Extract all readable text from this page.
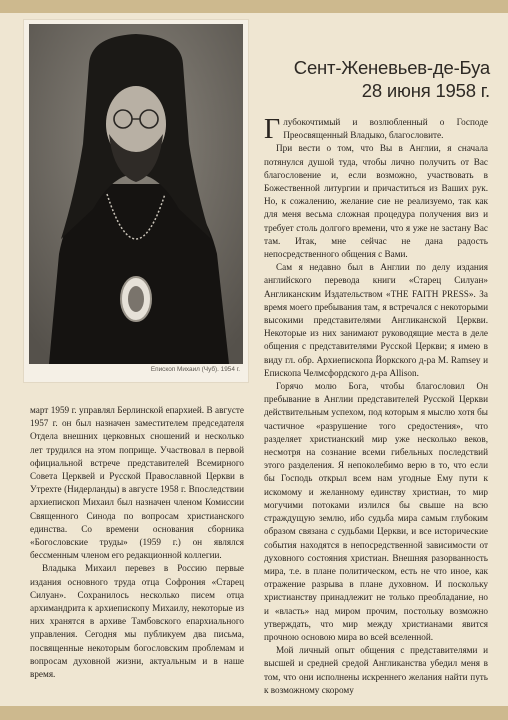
Епископ Михаил (Чуб). 1954 г.
Сент-Женевьев-де-Буа
28 июня 1958 г.

март 1959 г. управлял Берлинской епархией. В августе 1957 г. он был назначен заместителем председателя Отдела внешних церковных сношений и несколько лет трудился на этом поприще. Участвовал в первой официальной встрече представителей Всемирного Совета Церквей и Русской Православной Церкви в Утрехте (Нидерланды) в августе 1958 г. Впоследствии архиепископ Михаил был назначен членом Комиссии Священного Синода по вопросам христианского единства. Со времени основания сборника «Богословские труды» (1959 г.) он являлся бессменным членом его редакционной коллегии.

Владыка Михаил перевез в Россию первые издания основного труда отца Софрония «Старец Силуан». Сохранилось несколько писем отца архимандрита к архиепископу Михаилу, некоторые из них хранятся в архиве Тамбовского епархиального управления. Сегодня мы публикуем два письма, посвященные некоторым богословским проблемам и вопросам духовной жизни, актуальным и в наше время.

Глубокочтимый и возлюбленный о Господе Преосвященный Владыко, благословите.

При вести о том, что Вы в Англии, я сначала потянулся душой туда, чтобы лично получить от Вас благословение и, если возможно, участвовать в Божественной литургии и причаститься из Ваших рук. Но, к сожалению, желание сие не реализуемо, так как для меня весьма сложная процедура получения виз и требует столь долгого времени, что я уже не застану Вас там. Итак, мне сейчас не дана радость непосредственного общения с Вами.

Сам я недавно был в Англии по делу издания английского перевода книги «Старец Силуан» Англиканским Издательством «THE FAITH PRESS». За время моего пребывания там, я встречался с некоторыми высокими представителями Англиканской Церкви. Некоторые из них занимают руководящие места в деле общения с представителями Русской Церкви; я имею в виду гл. обр. Архиепископа Йоркского д-ра M. Ramsey и Епископа Челмсфордского д-ра Allison.

Горячо молю Бога, чтобы благословил Он пребывание в Англии представителей Русской Церкви действительным успехом, под которым я мыслю хотя бы частичное «разрушение того средостения», что разделяет христианский мир уже несколько веков, несмотря на сознание всеми гибельных последствий этого разделения. Я непоколебимо верю в то, что если бы Господь открыл всем нам угодные Ему пути к искомому и желанному единству христиан, то мир могучими потоками излился бы свыше на всю страждущую землю, ибо судьба мира самым глубоким образом связана с судьбами Церкви, и все исторические события находятся в непосредственной зависимости от духовного состояния христиан. Внешняя разорванность мира, т.е. в плане политическом, есть не что иное, как отражение разрыва в плане духовном. И поскольку христианству принадлежит не только преобладание, но и «власть» над миром прочим, постольку возможно утверждать, что мир между христианами явится прочною основою мира во всей вселенной.

Мой личный опыт общения с представителями и высшей и средней средой Англиканства убедил меня в том, что они исполнены искреннего желания найти путь к возможному скорому
